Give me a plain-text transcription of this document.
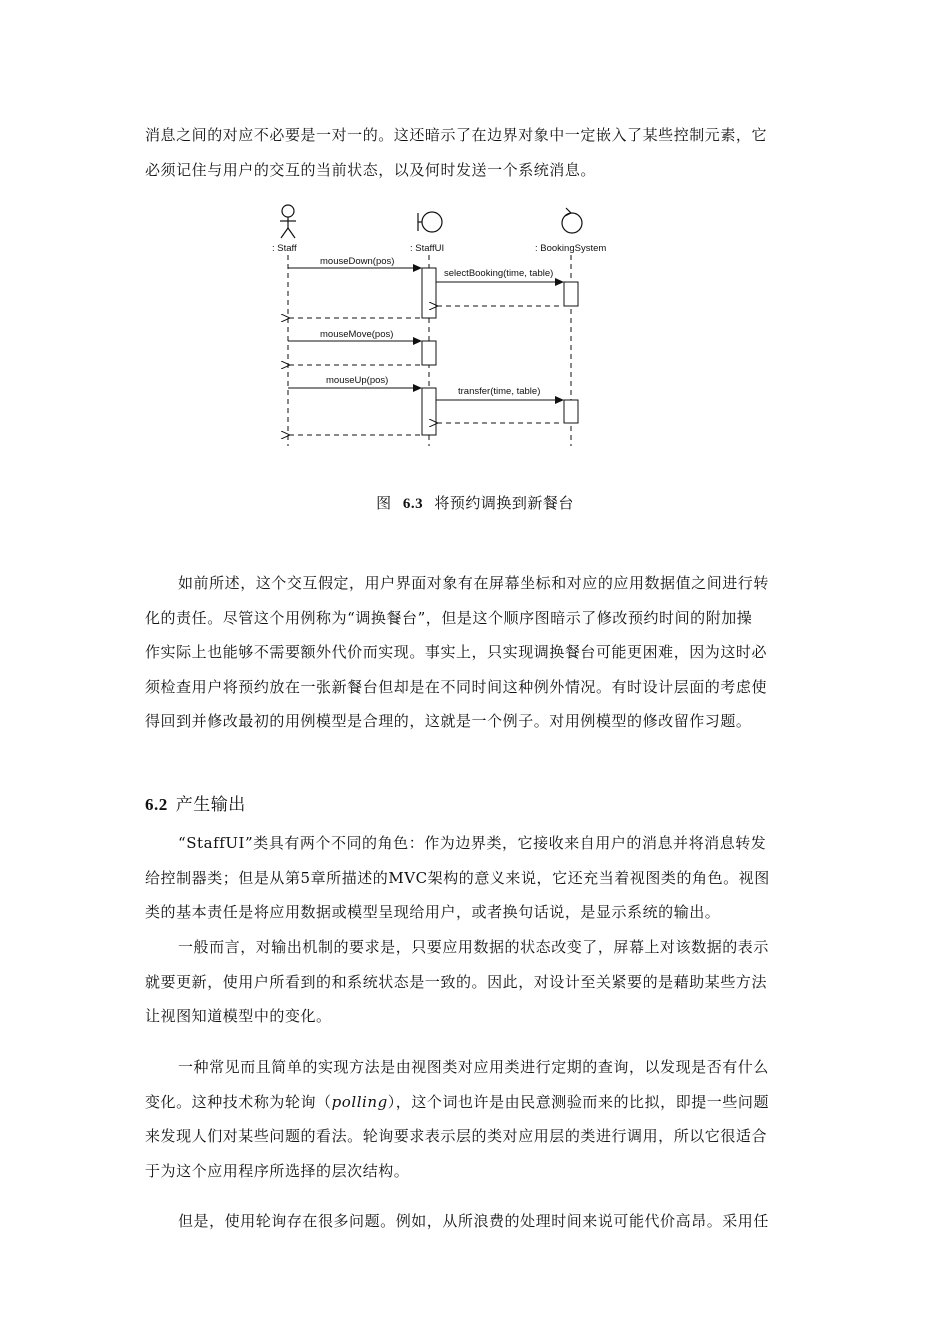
消息之间的对应不必要是一对一的。这还暗示了在边界对象中一定嵌入了某些控制元素，它
必须记住与用户的交互的当前状态，以及何时发送一个系统消息。

: Staff	: StaffUI	: BookingSystem
mouseDown(pos)
selectBooking(time, table)
mouseMove(pos)
mouseUp(pos)
transfer(time, table)
图 6.3 将预约调换到新餐台

如前所述，这个交互假定，用户界面对象有在屏幕坐标和对应的应用数据值之间进行转
化的责任。尽管这个用例称为“调换餐台”，但是这个顺序图暗示了修改预约时间的附加操
作实际上也能够不需要额外代价而实现。事实上，只实现调换餐台可能更困难，因为这时必
须检查用户将预约放在一张新餐台但却是在不同时间这种例外情况。有时设计层面的考虑使
得回到并修改最初的用例模型是合理的，这就是一个例子。对用例模型的修改留作习题。

6.2 产生输出

“StaffUI”类具有两个不同的角色：作为边界类，它接收来自用户的消息并将消息转发
给控制器类；但是从第5章所描述的MVC架构的意义来说，它还充当着视图类的角色。视图
类的基本责任是将应用数据或模型呈现给用户，或者换句话说，是显示系统的输出。

一般而言，对输出机制的要求是，只要应用数据的状态改变了，屏幕上对该数据的表示
就要更新，使用户所看到的和系统状态是一致的。因此，对设计至关紧要的是藉助某些方法
让视图知道模型中的变化。

一种常见而且简单的实现方法是由视图类对应用类进行定期的查询，以发现是否有什么
变化。这种技术称为轮询（polling），这个词也许是由民意测验而来的比拟，即提一些问题
来发现人们对某些问题的看法。轮询要求表示层的类对应用层的类进行调用，所以它很适合
于为这个应用程序所选择的层次结构。

但是，使用轮询存在很多问题。例如，从所浪费的处理时间来说可能代价高昂。采用任
